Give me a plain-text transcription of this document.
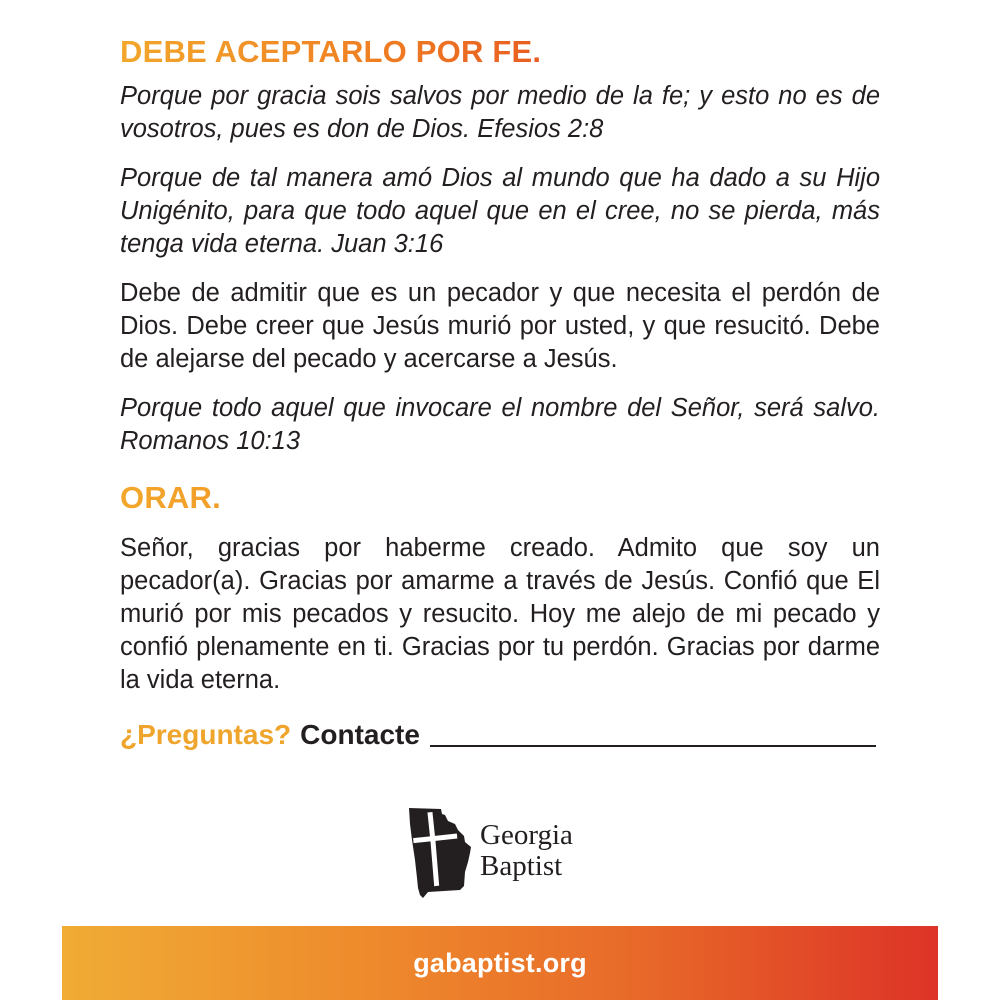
DEBE ACEPTARLO POR FE.

Porque por gracia sois salvos por medio de la fe; y esto no es de vosotros, pues es don de Dios. Efesios 2:8

Porque de tal manera amó Dios al mundo que ha dado a su Hijo Unigénito, para que todo aquel que en el cree, no se pierda, más tenga vida eterna. Juan 3:16

Debe de admitir que es un pecador y que necesita el perdón de Dios. Debe creer que Jesús murió por usted, y que resucitó. Debe de alejarse del pecado y acercarse a Jesús.

Porque todo aquel que invocare el nombre del Señor, será salvo. Romanos 10:13

ORAR.

Señor, gracias por haberme creado. Admito que soy un pecador(a). Gracias por amarme a través de Jesús. Confió que El murió por mis pecados y resucito. Hoy me alejo de mi pecado y confió plenamente en ti. Gracias por tu perdón. Gracias por darme la vida eterna.

¿Preguntas? Contacte
Georgia
Baptist
gabaptist.org
